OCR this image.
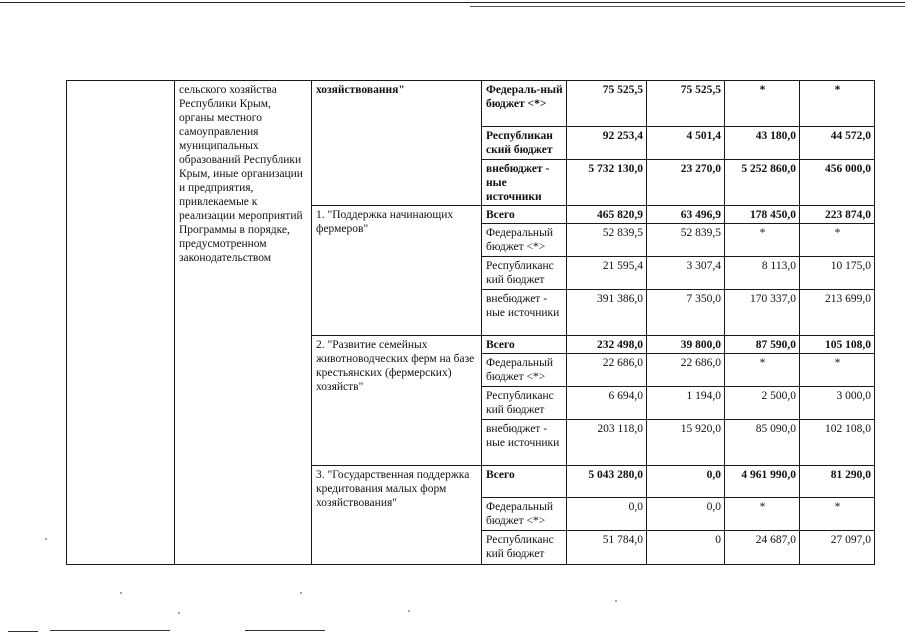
	сельского хозяйства Республики Крым, органы местного самоуправления муниципальных образований Республики Крым, иные организации и предприятия, привлекаемые к реализации мероприятий Программы в порядке, предусмотренном законодательством	хозяйствования"	Федераль-ный бюджет <*>	75 525,5	75 525,5	*	*
			Республикан ский бюджет	92 253,4	4 501,4	43 180,0	44 572,0
			внебюджет - ные источники	5 732 130,0	23 270,0	5 252 860,0	456 000,0
		1. "Поддержка начинающих фермеров"	Всего	465 820,9	63 496,9	178 450,0	223 874,0
			Федеральный бюджет <*>	52 839,5	52 839,5	*	*
			Республиканс кий бюджет	21 595,4	3 307,4	8 113,0	10 175,0
			внебюджет - ные источники	391 386,0	7 350,0	170 337,0	213 699,0
		2. "Развитие семейных животноводческих ферм на базе крестьянских (фермерских) хозяйств"	Всего	232 498,0	39 800,0	87 590,0	105 108,0
			Федеральный бюджет <*>	22 686,0	22 686,0	*	*
			Республиканс кий бюджет	6 694,0	1 194,0	2 500,0	3 000,0
			внебюджет - ные источники	203 118,0	15 920,0	85 090,0	102 108,0
		3. "Государственная поддержка кредитования малых форм хозяйствования"	Всего	5 043 280,0	0,0	4 961 990,0	81 290,0
			Федеральный бюджет <*>	0,0	0,0	*	*
			Республиканс кий бюджет	51 784,0	0	24 687,0	27 097,0
